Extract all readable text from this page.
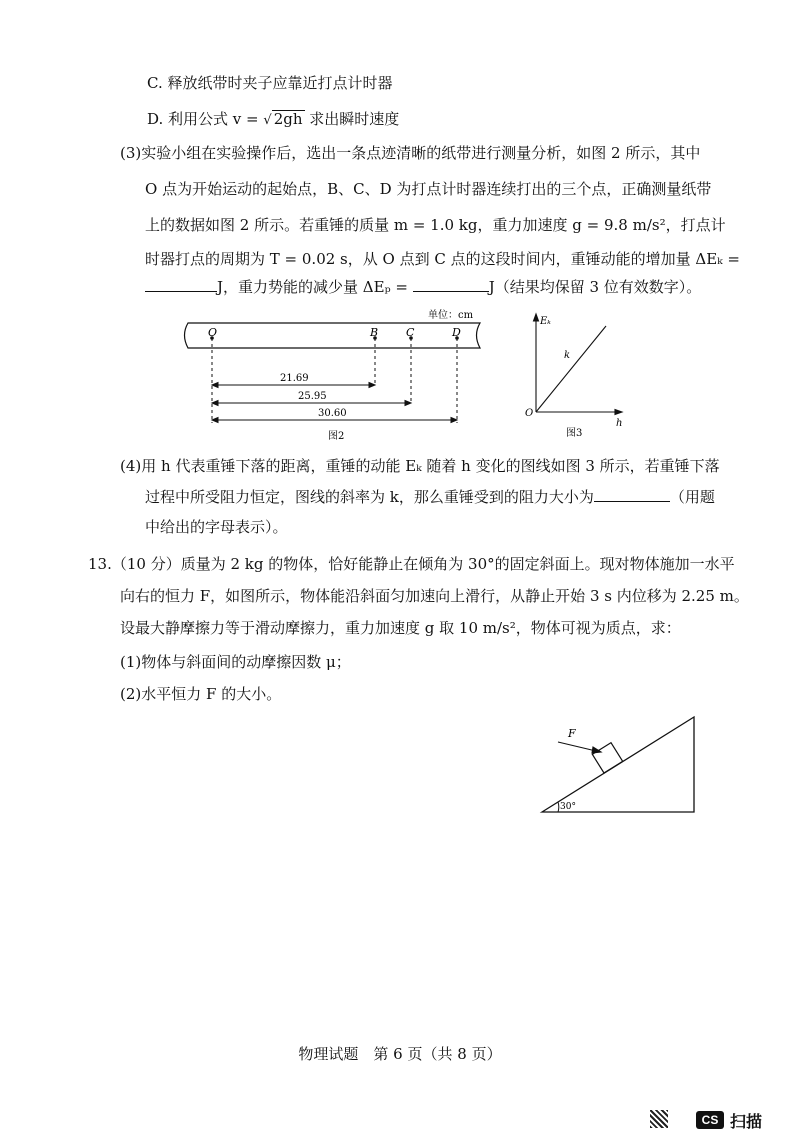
C. 释放纸带时夹子应靠近打点计时器
D. 利用公式 v = √ 2gh 求出瞬时速度
(3)实验小组在实验操作后，选出一条点迹清晰的纸带进行测量分析，如图 2 所示，其中
O 点为开始运动的起始点，B、C、D 为打点计时器连续打出的三个点，正确测量纸带
上的数据如图 2 所示。若重锤的质量 m = 1.0 kg，重力加速度 g = 9.8 m/s²，打点计
时器打点的周期为 T = 0.02 s，从 O 点到 C 点的这段时间内，重锤动能的增加量 ΔEₖ =
J，重力势能的减少量 ΔEₚ =	J（结果均保留 3 位有效数字）。
单位：cm
O	B	C	D
21.69
25.95
30.60
图2
Eₖ
h
O
k
图3
(4)用 h 代表重锤下落的距离，重锤的动能 Eₖ 随着 h 变化的图线如图 3 所示，若重锤下落
过程中所受阻力恒定，图线的斜率为 k，那么重锤受到的阻力大小为	（用题
中给出的字母表示）。
13.（10 分）质量为 2 kg 的物体，恰好能静止在倾角为 30°的固定斜面上。现对物体施加一水平
向右的恒力 F，如图所示，物体能沿斜面匀加速向上滑行，从静止开始 3 s 内位移为 2.25 m。
设最大静摩擦力等于滑动摩擦力，重力加速度 g 取 10 m/s²，物体可视为质点，求：
(1)物体与斜面间的动摩擦因数 μ；
(2)水平恒力 F 的大小。
F
30°
物理试题　第 6 页（共 8 页）
CS 扫描
